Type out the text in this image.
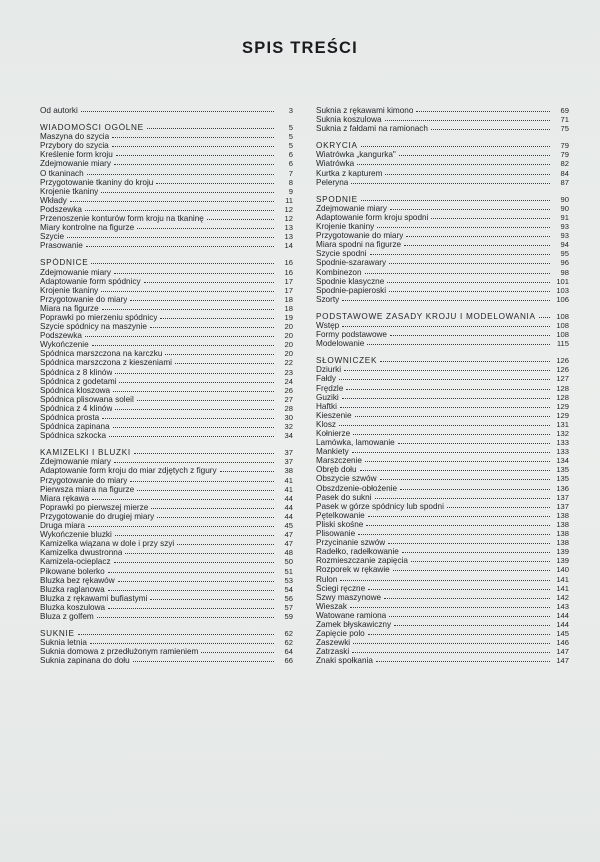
SPIS TREŚCI
Od autorki	3
WIADOMOŚCI OGÓLNE	5
Maszyna do szycia	5
Przybory do szycia	5
Kreślenie form kroju	6
Zdejmowanie miary	6
O tkaninach	7
Przygotowanie tkaniny do kroju	8
Krojenie tkaniny	9
Wkłady	11
Podszewka	12
Przenoszenie konturów form kroju na tkaninę	12
Miary kontrolne na figurze	13
Szycie	13
Prasowanie	14
SPÓDNICE	16
Zdejmowanie miary	16
Adaptowanie form spódnicy	17
Krojenie tkaniny	17
Przygotowanie do miary	18
Miara na figurze	18
Poprawki po mierzeniu spódnicy	19
Szycie spódnicy na maszynie	20
Podszewka	20
Wykończenie	20
Spódnica marszczona na karczku	20
Spódnica marszczona z kieszeniami	22
Spódnica z 8 klinów	23
Spódnica z godetami	24
Spódnica kloszowa	26
Spódnica plisowana soleil	27
Spódnica z 4 klinów	28
Spódnica prosta	30
Spódnica zapinana	32
Spódnica szkocka	34
KAMIZELKI I BLUZKI	37
Zdejmowanie miary	37
Adaptowanie form kroju do miar zdjętych z figury	38
Przygotowanie do miary	41
Pierwsza miara na figurze	41
Miara rękawa	44
Poprawki po pierwszej mierze	44
Przygotowanie do drugiej miary	44
Druga miara	45
Wykończenie bluzki	47
Kamizelka wiązana w dole i przy szyi	47
Kamizelka dwustronna	48
Kamizela-ocieplacz	50
Pikowane bolerko	51
Bluzka bez rękawów	53
Bluzka raglanowa	54
Bluzka z rękawami bufiastymi	56
Bluzka koszulowa	57
Bluza z golfem	59
SUKNIE	62
Suknia letnia	62
Suknia domowa z przedłużonym ramieniem	64
Suknia zapinana do dołu	66
Suknia z rękawami kimono	69
Suknia koszulowa	71
Suknia z fałdami na ramionach	75
OKRYCIA	79
Wiatrówka „kangurka"	79
Wiatrówka	82
Kurtka z kapturem	84
Peleryna	87
SPODNIE	90
Zdejmowanie miary	90
Adaptowanie form kroju spodni	91
Krojenie tkaniny	93
Przygotowanie do miary	93
Miara spodni na figurze	94
Szycie spodni	95
Spodnie-szarawary	96
Kombinezon	98
Spodnie klasyczne	101
Spodnie-papieroski	103
Szorty	106
PODSTAWOWE ZASADY KROJU I MODELOWANIA	108
Wstęp	108
Formy podstawowe	108
Modelowanie	115
SŁOWNICZEK	126
Dziurki	126
Fałdy	127
Frędzle	128
Guziki	128
Haftki	129
Kieszenie	129
Klosz	131
Kołnierze	132
Lamówka, lamowanie	133
Mankiety	133
Marszczenie	134
Obręb dołu	135
Obszycie szwów	135
Obszdzenie-obłożenie	136
Pasek do sukni	137
Pasek w górze spódnicy lub spodni	137
Pętelkowanie	138
Pliski skośne	138
Plisowanie	138
Przycinanie szwów	138
Radełko, radełkowanie	139
Rozmieszczanie zapięcia	139
Rozporek w rękawie	140
Rulon	141
Ściegi ręczne	141
Szwy maszynowe	142
Wieszak	143
Watowane ramiona	144
Zamek błyskawiczny	144
Zapięcie polo	145
Zaszewki	146
Zatrzaski	147
Znaki społkania	147
